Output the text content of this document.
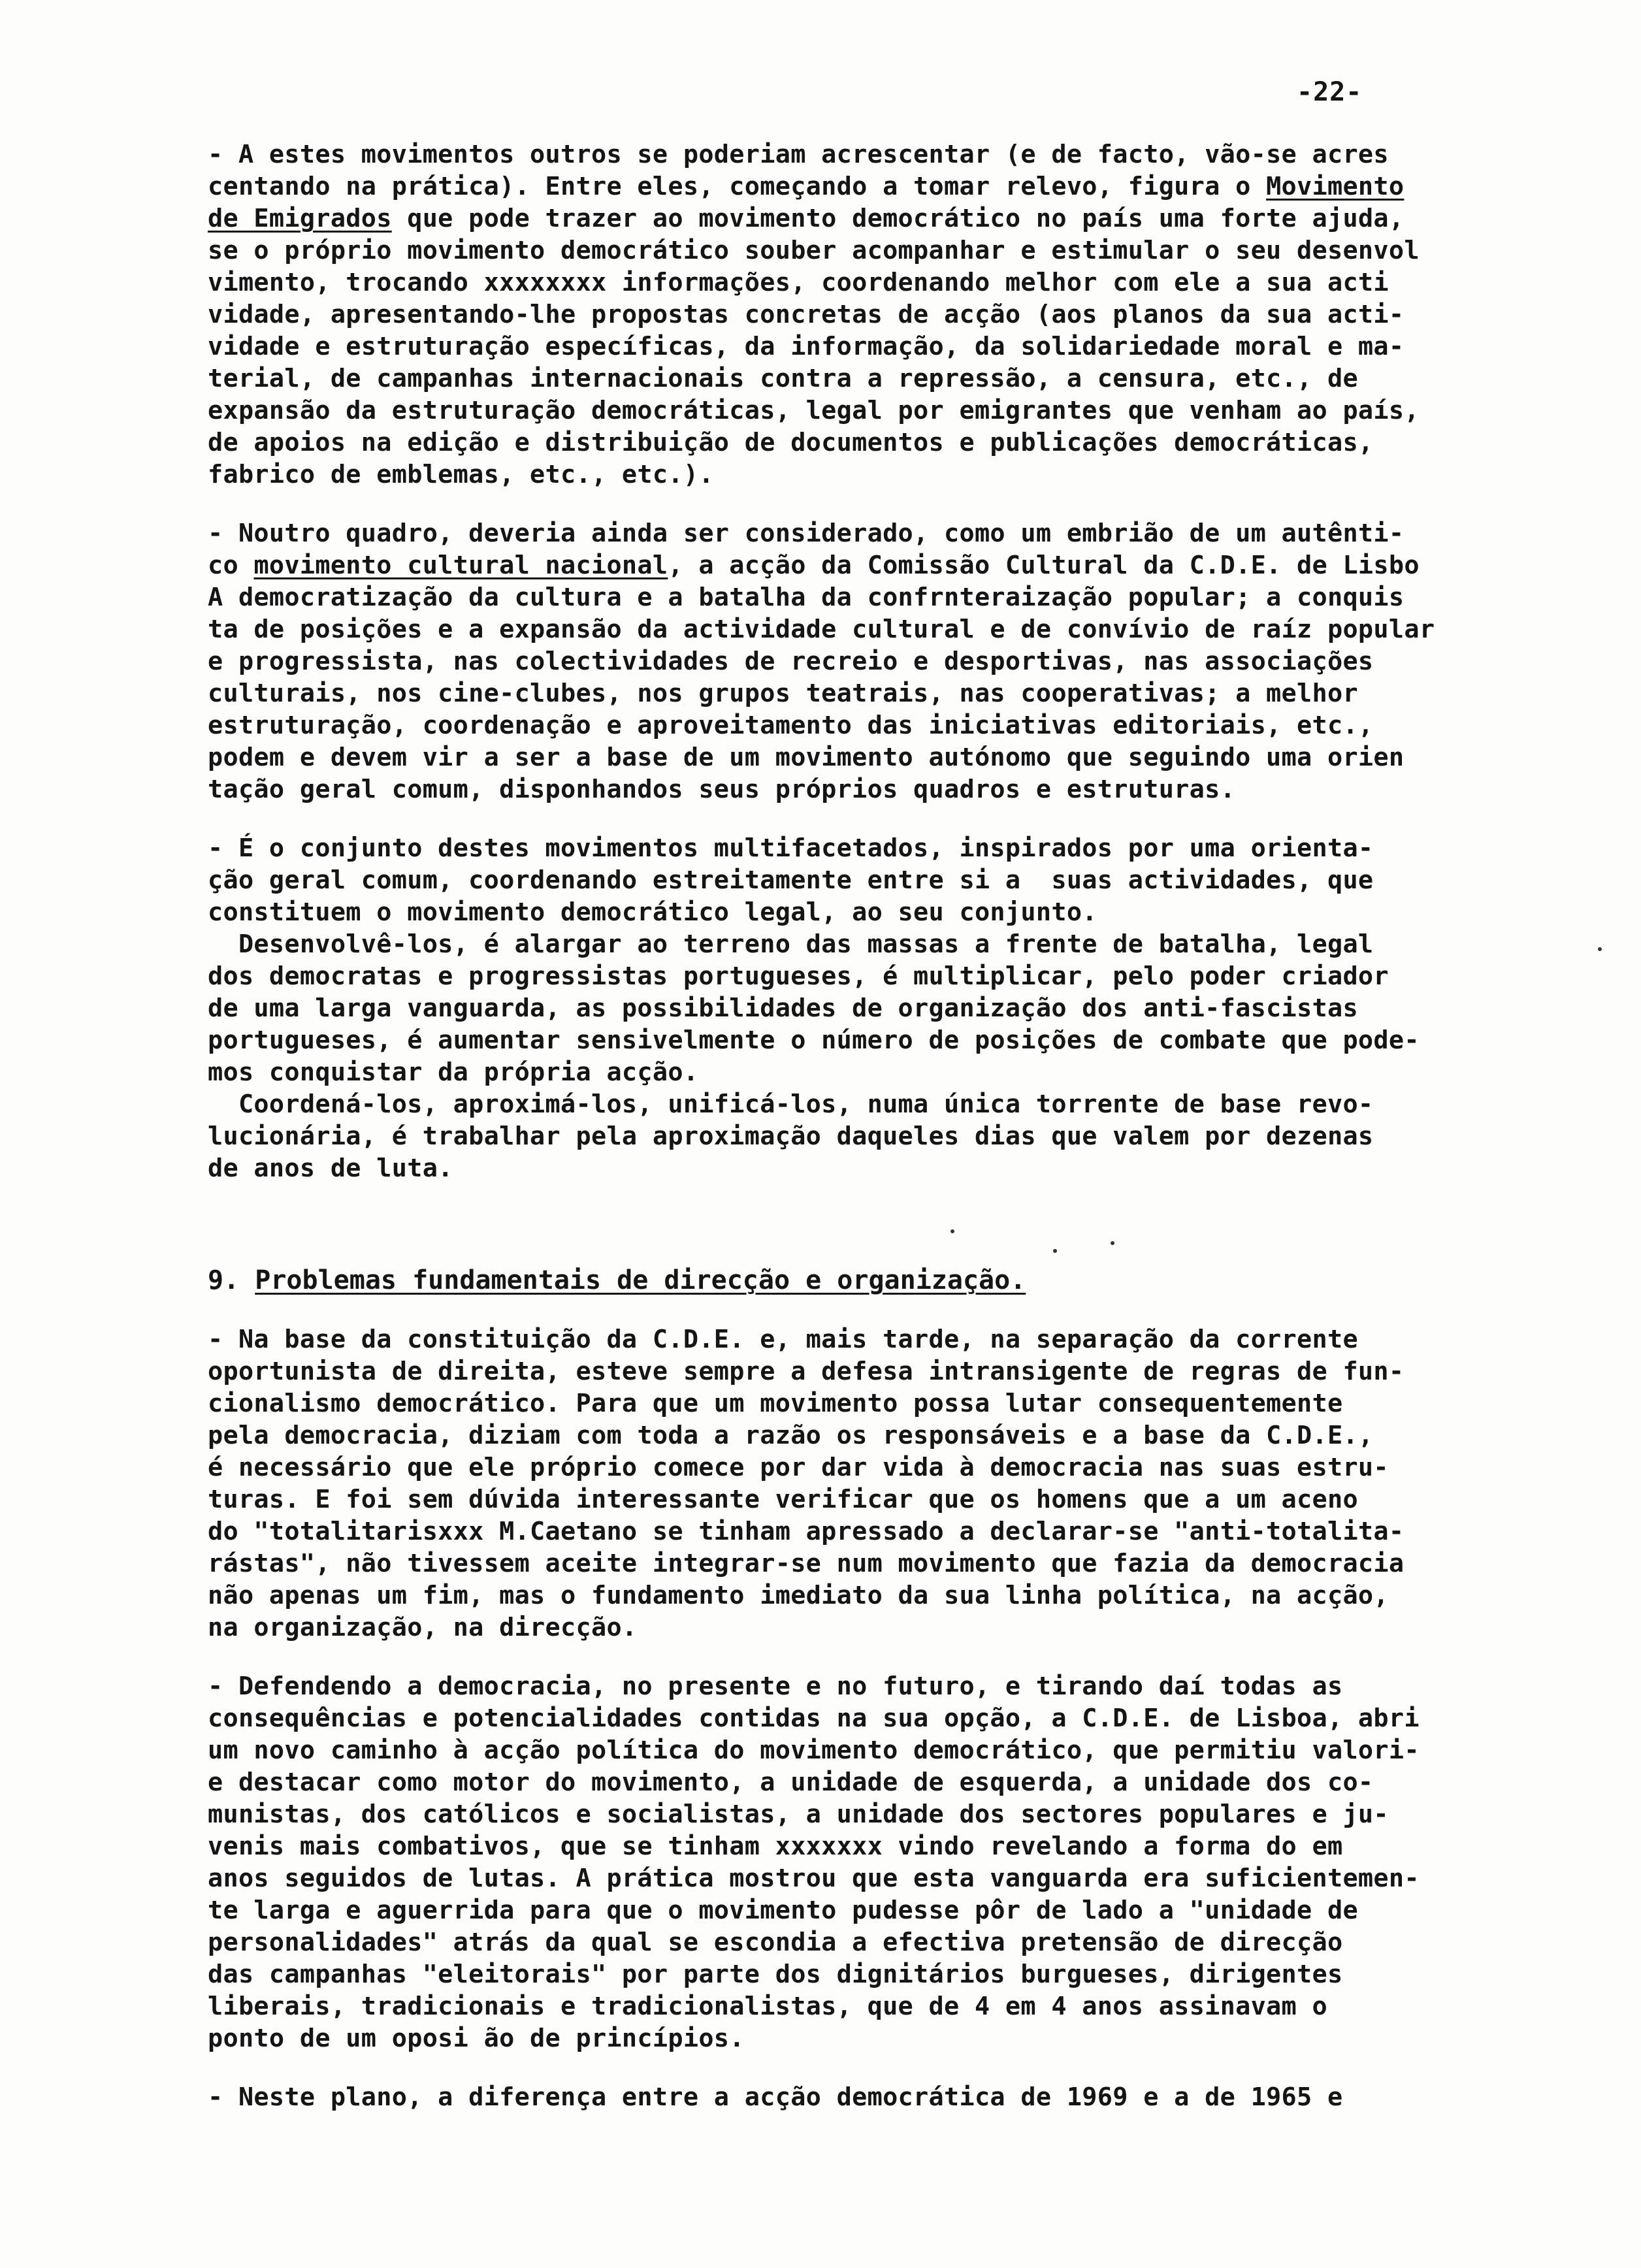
-22-
- A estes movimentos outros se poderiam acrescentar (e de facto, vão-se acres
centando na prática). Entre eles, começando a tomar relevo, figura o Movimento
de Emigrados que pode trazer ao movimento democrático no país uma forte ajuda,
se o próprio movimento democrático souber acompanhar e estimular o seu desenvol
vimento, trocando xxxxxxxx informações, coordenando melhor com ele a sua acti
vidade, apresentando-lhe propostas concretas de acção (aos planos da sua acti-
vidade e estruturação específicas, da informação, da solidariedade moral e ma-
terial, de campanhas internacionais contra a repressão, a censura, etc., de
expansão da estruturação democráticas, legal por emigrantes que venham ao país,
de apoios na edição e distribuição de documentos e publicações democráticas,
fabrico de emblemas, etc., etc.).
- Noutro quadro, deveria ainda ser considerado, como um embrião de um autênti-
co movimento cultural nacional, a acção da Comissão Cultural da C.D.E. de Lisbo
A democratização da cultura e a batalha da confrnteraização popular; a conquis
ta de posições e a expansão da actividade cultural e de convívio de raíz popular
e progressista, nas colectividades de recreio e desportivas, nas associações
culturais, nos cine-clubes, nos grupos teatrais, nas cooperativas; a melhor
estruturação, coordenação e aproveitamento das iniciativas editoriais, etc.,
podem e devem vir a ser a base de um movimento autónomo que seguindo uma orien
tação geral comum, disponhandos seus próprios quadros e estruturas.
- É o conjunto destes movimentos multifacetados, inspirados por uma orienta-
ção geral comum, coordenando estreitamente entre si a  suas actividades, que
constituem o movimento democrático legal, ao seu conjunto.
Desenvolvê-los, é alargar ao terreno das massas a frente de batalha, legal
dos democratas e progressistas portugueses, é multiplicar, pelo poder criador
de uma larga vanguarda, as possibilidades de organização dos anti-fascistas
portugueses, é aumentar sensivelmente o número de posições de combate que pode-
mos conquistar da própria acção.
Coordená-los, aproximá-los, unificá-los, numa única torrente de base revo-
lucionária, é trabalhar pela aproximação daqueles dias que valem por dezenas
de anos de luta.
9. Problemas fundamentais de direcção e organização.
- Na base da constituição da C.D.E. e, mais tarde, na separação da corrente
oportunista de direita, esteve sempre a defesa intransigente de regras de fun-
cionalismo democrático. Para que um movimento possa lutar consequentemente
pela democracia, diziam com toda a razão os responsáveis e a base da C.D.E.,
é necessário que ele próprio comece por dar vida à democracia nas suas estru-
turas. E foi sem dúvida interessante verificar que os homens que a um aceno
do "totalitarisxxx M.Caetano se tinham apressado a declarar-se "anti-totalita-
rástas", não tivessem aceite integrar-se num movimento que fazia da democracia
não apenas um fim, mas o fundamento imediato da sua linha política, na acção,
na organização, na direcção.
- Defendendo a democracia, no presente e no futuro, e tirando daí todas as
consequências e potencialidades contidas na sua opção, a C.D.E. de Lisboa, abri
um novo caminho à acção política do movimento democrático, que permitiu valori-
e destacar como motor do movimento, a unidade de esquerda, a unidade dos co-
munistas, dos católicos e socialistas, a unidade dos sectores populares e ju-
venis mais combativos, que se tinham xxxxxxx vindo revelando a forma do em
anos seguidos de lutas. A prática mostrou que esta vanguarda era suficientemen-
te larga e aguerrida para que o movimento pudesse pôr de lado a "unidade de
personalidades" atrás da qual se escondia a efectiva pretensão de direcção
das campanhas "eleitorais" por parte dos dignitários burgueses, dirigentes
liberais, tradicionais e tradicionalistas, que de 4 em 4 anos assinavam o
ponto de um oposi ão de princípios.
- Neste plano, a diferença entre a acção democrática de 1969 e a de 1965 e
